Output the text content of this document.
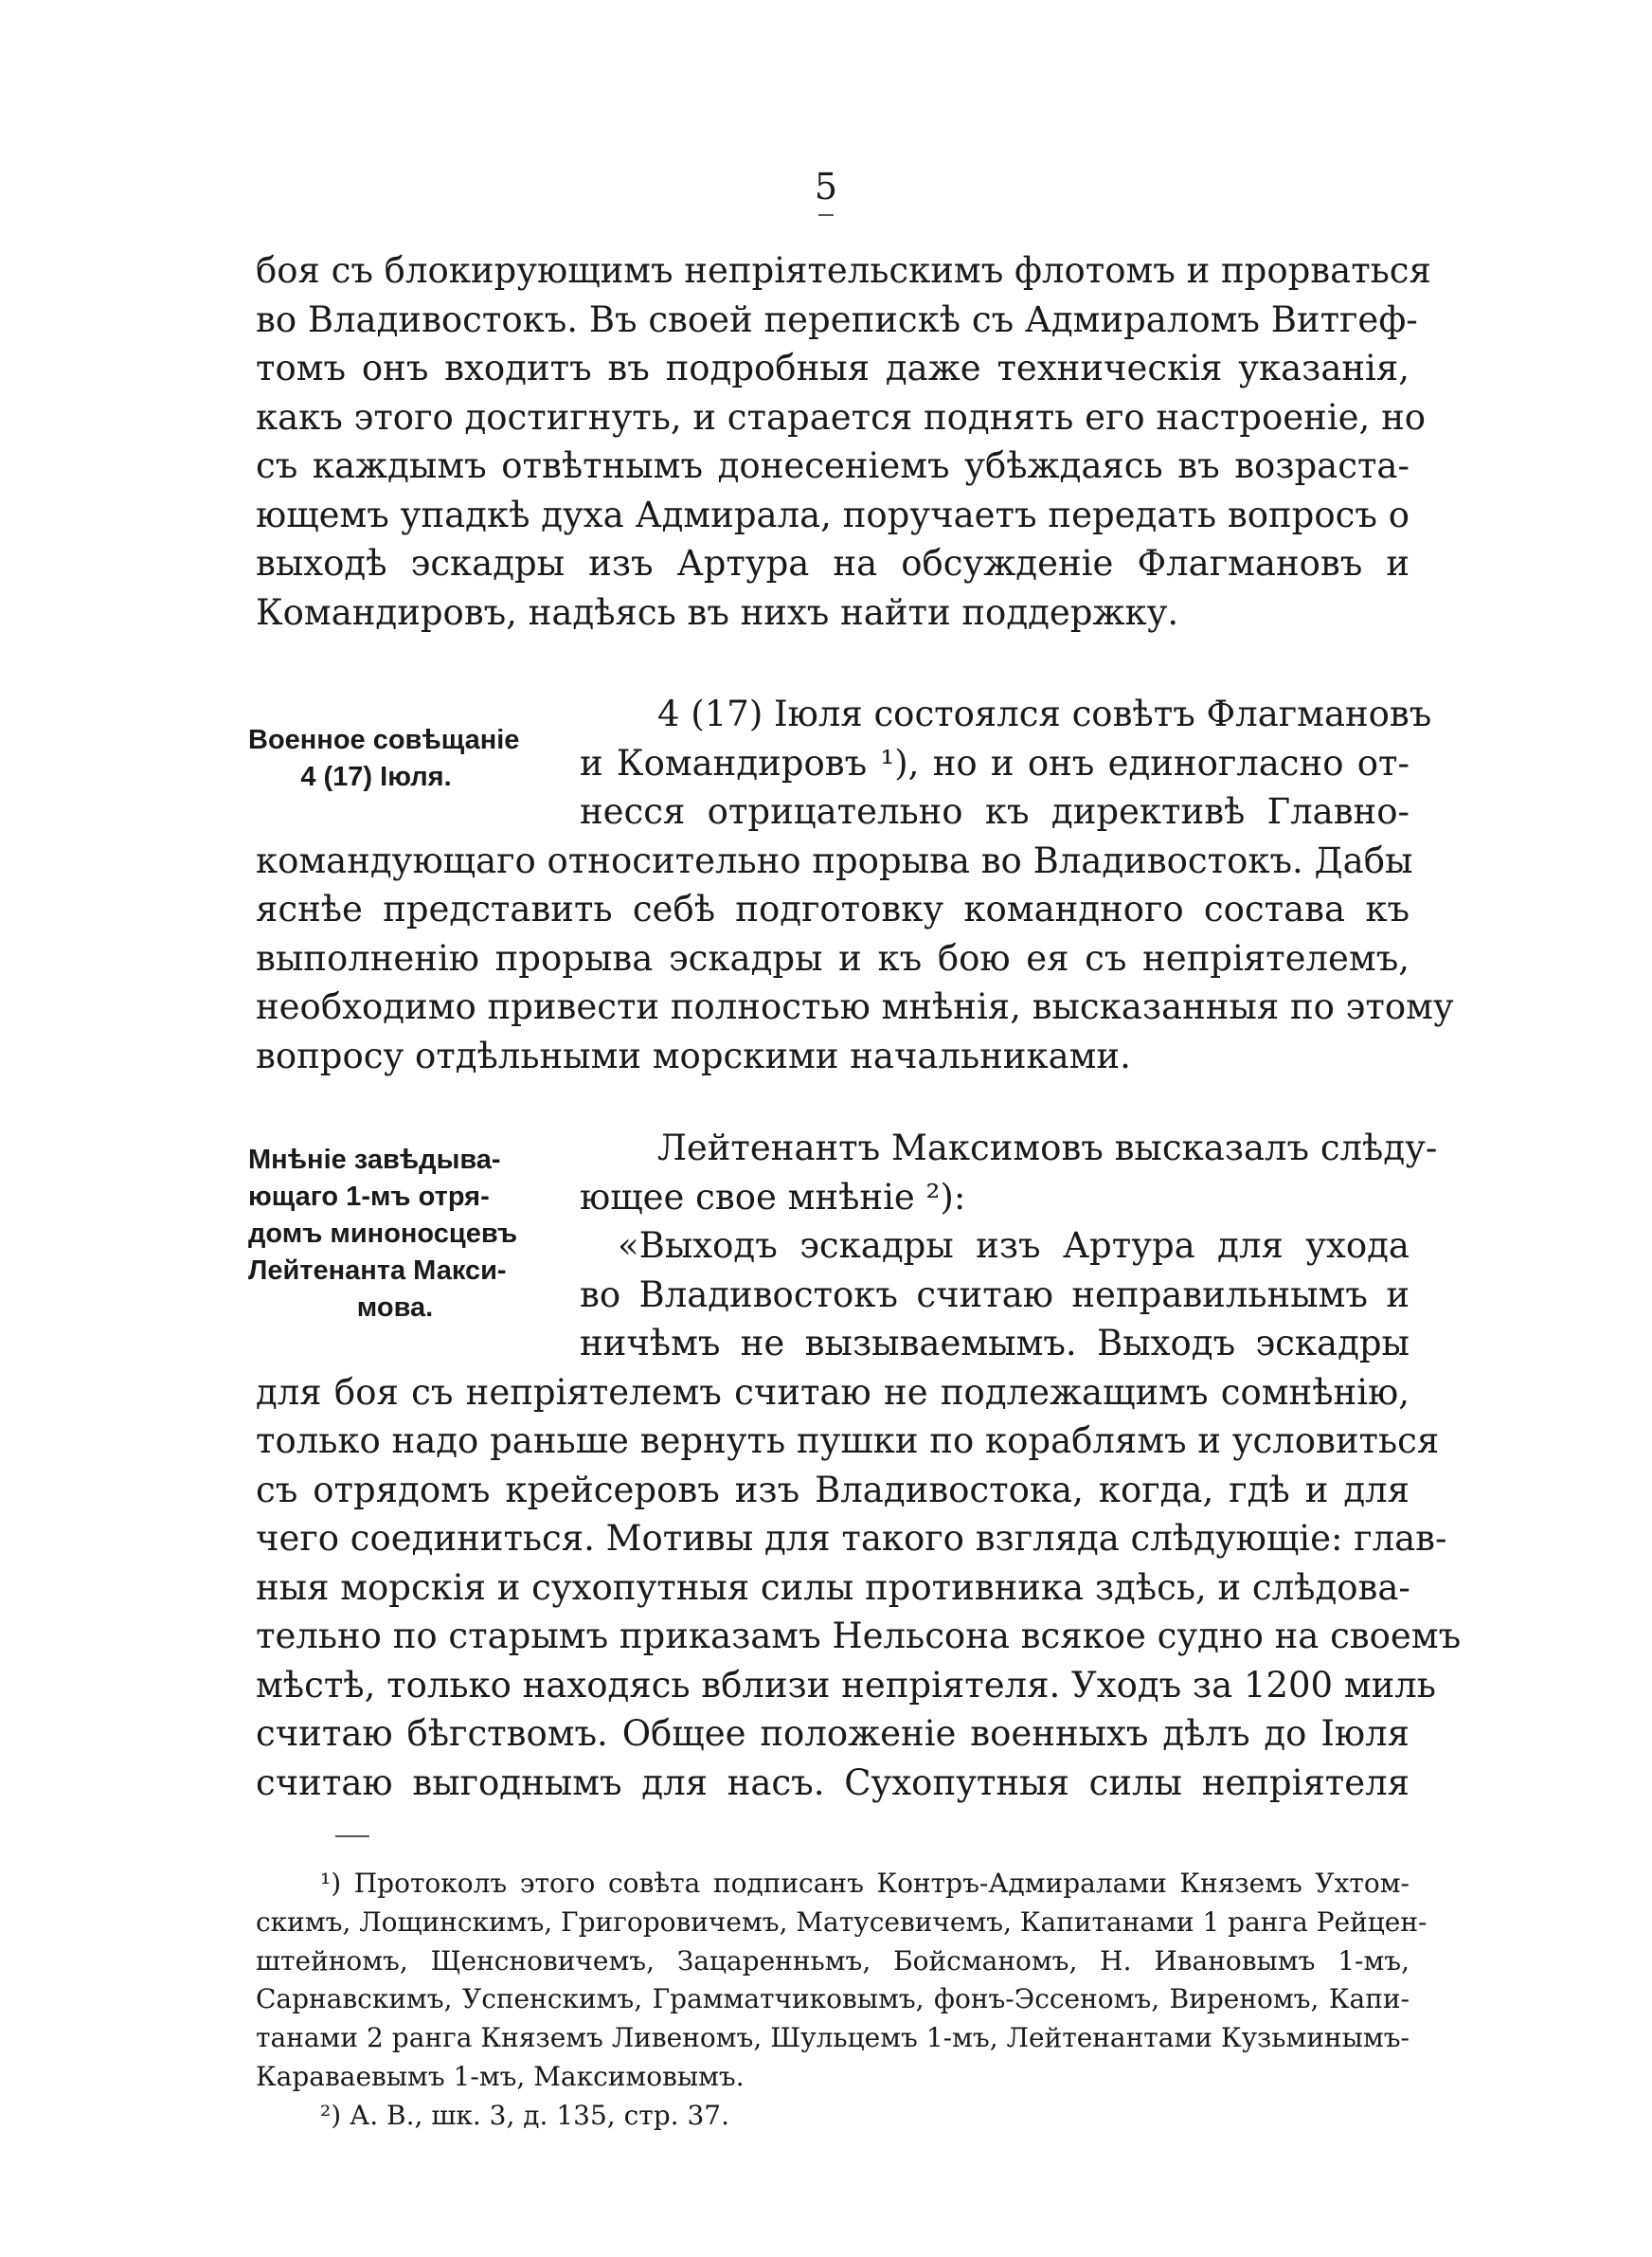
5
боя съ блокирующимъ непріятельскимъ флотомъ и прорваться
во Владивостокъ. Въ своей перепискѣ съ Адмираломъ Витгеф-
томъ онъ входитъ въ подробныя даже техническія указанія,
какъ этого достигнуть, и старается поднять его настроеніе, но
съ каждымъ отвѣтнымъ донесеніемъ убѣждаясь въ возраста-
ющемъ упадкѣ духа Адмирала, поручаетъ передать вопросъ о
выходѣ эскадры изъ Артура на обсужденіе Флагмановъ и
Командировъ, надѣясь въ нихъ найти поддержку.
Военное совѣщаніе
4 (17) Іюля.
4 (17) Іюля состоялся совѣтъ Флагмановъ
и Командировъ ¹), но и онъ единогласно от-
несся отрицательно къ директивѣ Главно-
командующаго относительно прорыва во Владивостокъ. Дабы
яснѣе представить себѣ подготовку командного состава къ
выполненію прорыва эскадры и къ бою ея съ непріятелемъ,
необходимо привести полностью мнѣнія, высказанныя по этому
вопросу отдѣльными морскими начальниками.
Мнѣніе завѣдыва-
ющаго 1-мъ отря-
домъ миноносцевъ
Лейтенанта Макси-
мова.
Лейтенантъ Максимовъ высказалъ слѣду-
ющее свое мнѣніе ²):
«Выходъ эскадры изъ Артура для ухода
во Владивостокъ считаю неправильнымъ и
ничѣмъ не вызываемымъ. Выходъ эскадры
для боя съ непріятелемъ считаю не подлежащимъ сомнѣнію,
только надо раньше вернуть пушки по кораблямъ и условиться
съ отрядомъ крейсеровъ изъ Владивостока, когда, гдѣ и для
чего соединиться. Мотивы для такого взгляда слѣдующіе: глав-
ныя морскія и сухопутныя силы противника здѣсь, и слѣдова-
тельно по старымъ приказамъ Нельсона всякое судно на своемъ
мѣстѣ, только находясь вблизи непріятеля. Уходъ за 1200 миль
считаю бѣгствомъ. Общее положеніе военныхъ дѣлъ до Іюля
считаю выгоднымъ для насъ. Сухопутныя силы непріятеля
¹) Протоколъ этого совѣта подписанъ Контръ-Адмиралами Княземъ Ухтом-
скимъ, Лощинскимъ, Григоровичемъ, Матусевичемъ, Капитанами 1 ранга Рейцен-
штейномъ, Щенсновичемъ, Зацаренньмъ, Бойсманомъ, Н. Ивановымъ 1-мъ,
Сарнавскимъ, Успенскимъ, Грамматчиковымъ, фонъ-Эссеномъ, Виреномъ, Капи-
танами 2 ранга Княземъ Ливеномъ, Шульцемъ 1-мъ, Лейтенантами Кузьминымъ-
Караваевымъ 1-мъ, Максимовымъ.
²) А. В., шк. 3, д. 135, стр. 37.
